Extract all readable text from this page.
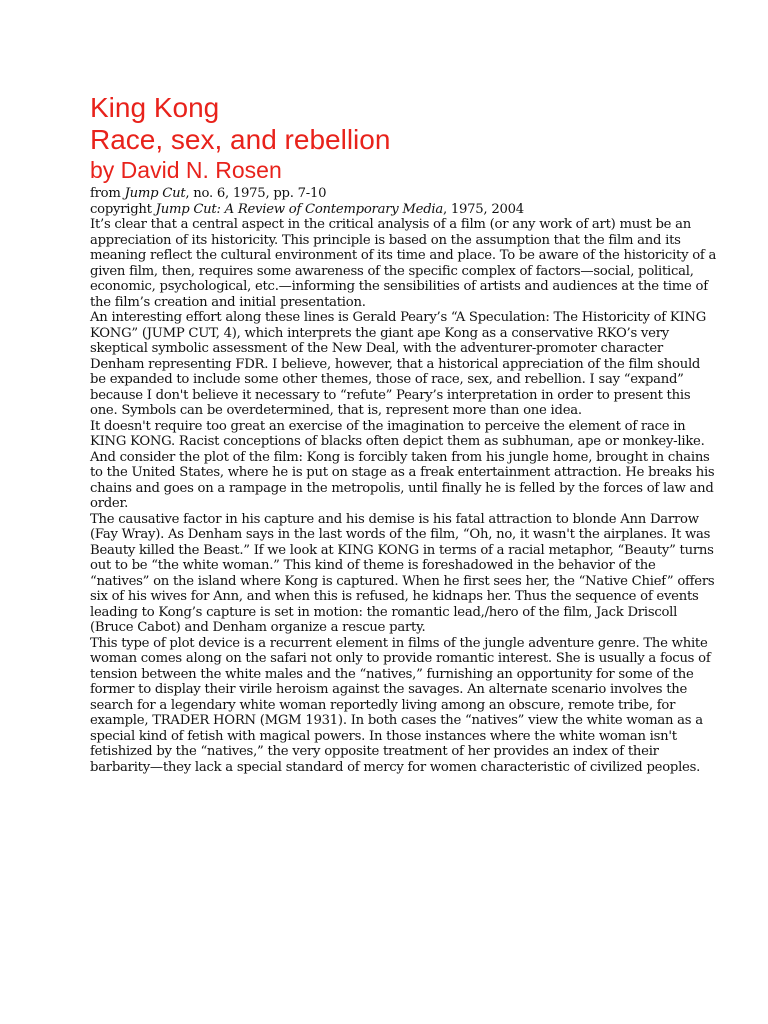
King Kong
Race, sex, and rebellion
by David N. Rosen
from Jump Cut, no. 6, 1975, pp. 7-10
copyright Jump Cut: A Review of Contemporary Media, 1975, 2004

It’s clear that a central aspect in the critical analysis of a film (or any work of art) must be an appreciation of its historicity. This principle is based on the assumption that the film and its meaning reflect the cultural environment of its time and place. To be aware of the historicity of a given film, then, requires some awareness of the specific complex of factors—social, political, economic, psychological, etc.—informing the sensibilities of artists and audiences at the time of the film’s creation and initial presentation.

An interesting effort along these lines is Gerald Peary’s “A Speculation: The Historicity of KING KONG” (JUMP CUT, 4), which interprets the giant ape Kong as a conservative RKO’s very skeptical symbolic assessment of the New Deal, with the adventurer-promoter character Denham representing FDR. I believe, however, that a historical appreciation of the film should be expanded to include some other themes, those of race, sex, and rebellion. I say “expand” because I don't believe it necessary to “refute” Peary’s interpretation in order to present this one. Symbols can be overdetermined, that is, represent more than one idea.

It doesn't require too great an exercise of the imagination to perceive the element of race in KING KONG. Racist conceptions of blacks often depict them as subhuman, ape or monkey-like. And consider the plot of the film: Kong is forcibly taken from his jungle home, brought in chains to the United States, where he is put on stage as a freak entertainment attraction. He breaks his chains and goes on a rampage in the metropolis, until finally he is felled by the forces of law and order.

The causative factor in his capture and his demise is his fatal attraction to blonde Ann Darrow (Fay Wray). As Denham says in the last words of the film, “Oh, no, it wasn't the airplanes. It was Beauty killed the Beast.” If we look at KING KONG in terms of a racial metaphor, “Beauty” turns out to be “the white woman.” This kind of theme is foreshadowed in the behavior of the “natives” on the island where Kong is captured. When he first sees her, the “Native Chief” offers six of his wives for Ann, and when this is refused, he kidnaps her. Thus the sequence of events leading to Kong’s capture is set in motion: the romantic lead,/hero of the film, Jack Driscoll (Bruce Cabot) and Denham organize a rescue party.

This type of plot device is a recurrent element in films of the jungle adventure genre. The white woman comes along on the safari not only to provide romantic interest. She is usually a focus of tension between the white males and the “natives,” furnishing an opportunity for some of the former to display their virile heroism against the savages. An alternate scenario involves the search for a legendary white woman reportedly living among an obscure, remote tribe, for example, TRADER HORN (MGM 1931). In both cases the “natives” view the white woman as a special kind of fetish with magical powers. In those instances where the white woman isn't fetishized by the “natives,” the very opposite treatment of her provides an index of their barbarity—they lack a special standard of mercy for women characteristic of civilized peoples.
